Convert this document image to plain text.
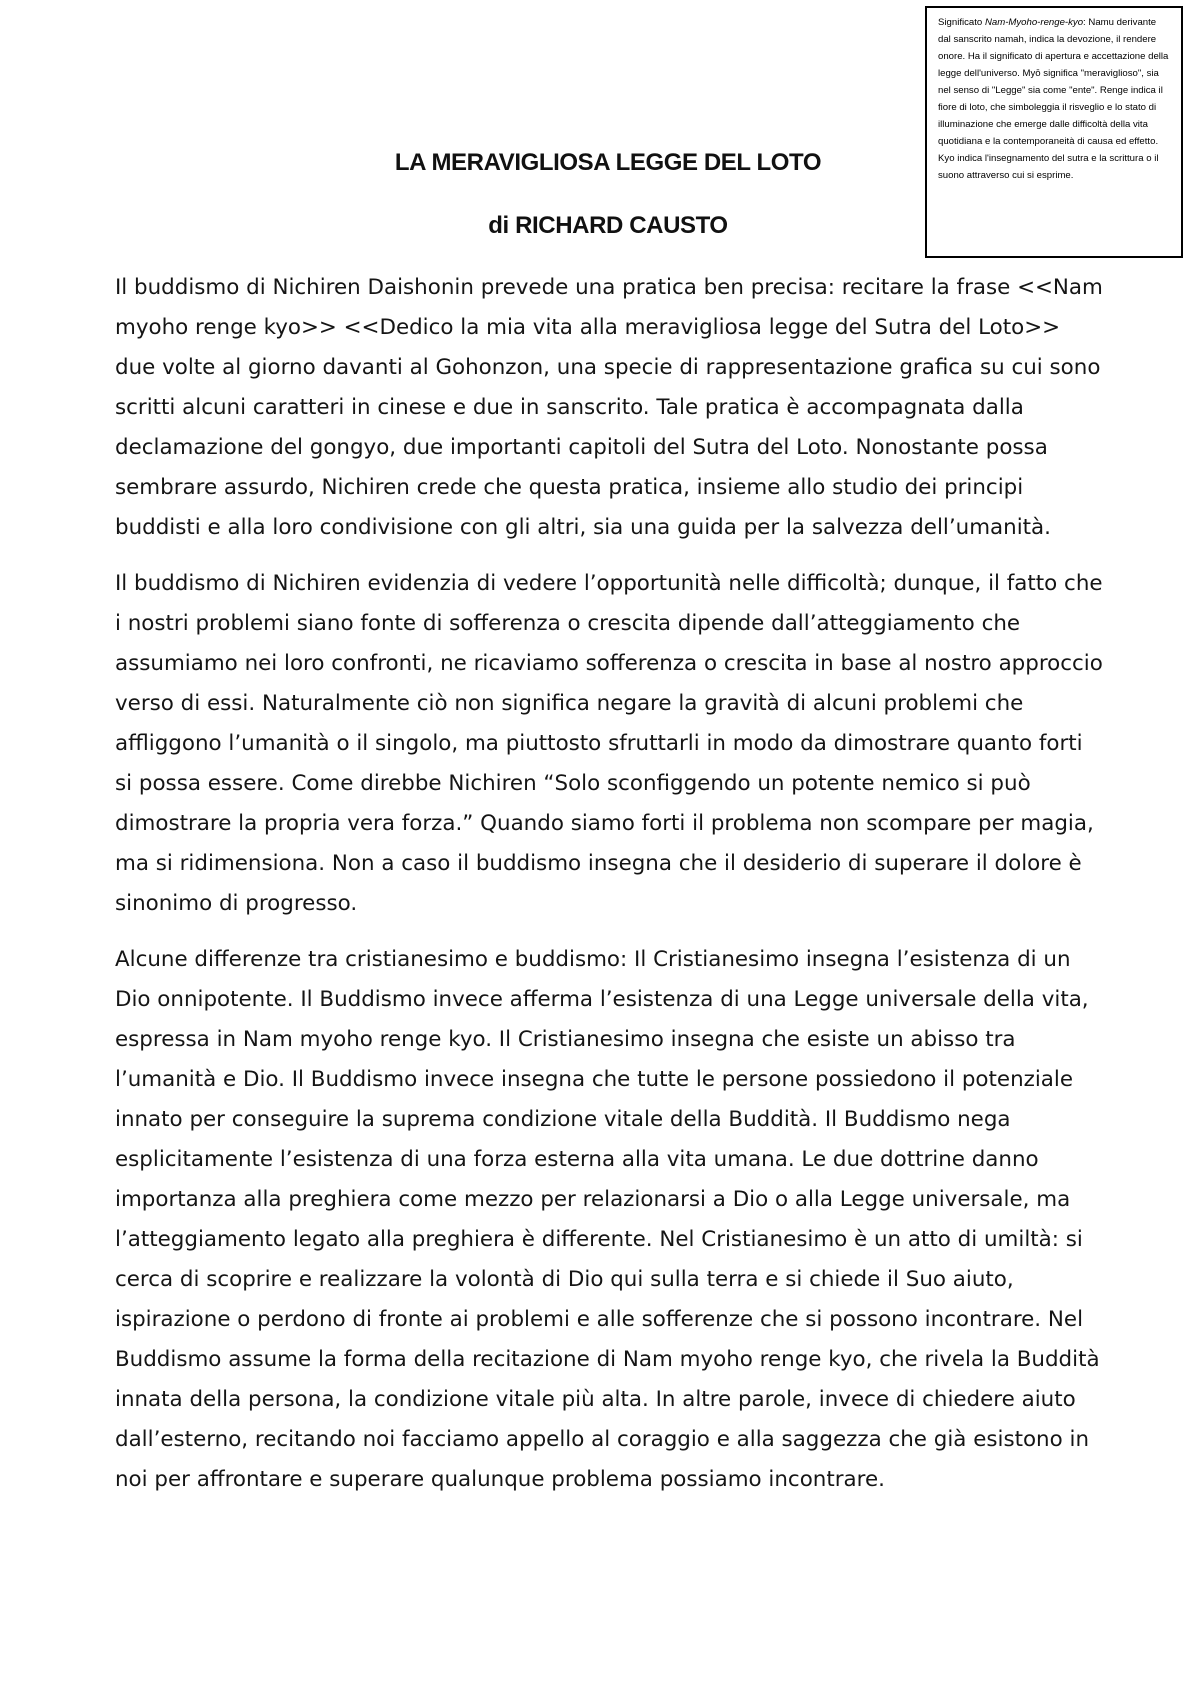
Significato Nam-Myoho-renge-kyo: Namu derivante dal sanscrito namah, indica la devozione, il rendere onore. Ha il significato di apertura e accettazione della legge dell'universo. Myō significa "meraviglioso", sia nel senso di "Legge" sia come "ente". Renge indica il fiore di loto, che simboleggia il risveglio e lo stato di illuminazione che emerge dalle difficoltà della vita quotidiana e la contemporaneità di causa ed effetto. Kyo indica l'insegnamento del sutra e la scrittura o il suono attraverso cui si esprime.
LA MERAVIGLIOSA LEGGE DEL LOTO
di RICHARD CAUSTO

Il buddismo di Nichiren Daishonin prevede una pratica ben precisa: recitare la frase <<Nam myoho renge kyo>> <<Dedico la mia vita alla meravigliosa legge del Sutra del Loto>> due volte al giorno davanti al Gohonzon, una specie di rappresentazione grafica su cui sono scritti alcuni caratteri in cinese e due in sanscrito. Tale pratica è accompagnata dalla declamazione del gongyo, due importanti capitoli del Sutra del Loto. Nonostante possa sembrare assurdo, Nichiren crede che questa pratica, insieme allo studio dei principi buddisti e alla loro condivisione con gli altri, sia una guida per la salvezza dell’umanità.

Il buddismo di Nichiren evidenzia di vedere l’opportunità nelle difficoltà; dunque, il fatto che i nostri problemi siano fonte di sofferenza o crescita dipende dall’atteggiamento che assumiamo nei loro confronti, ne ricaviamo sofferenza o crescita in base al nostro approccio verso di essi. Naturalmente ciò non significa negare la gravità di alcuni problemi che affliggono l’umanità o il singolo, ma piuttosto sfruttarli in modo da dimostrare quanto forti si possa essere. Come direbbe Nichiren “Solo sconfiggendo un potente nemico si può dimostrare la propria vera forza.” Quando siamo forti il problema non scompare per magia, ma si ridimensiona. Non a caso il buddismo insegna che il desiderio di superare il dolore è sinonimo di progresso.

Alcune differenze tra cristianesimo e buddismo: Il Cristianesimo insegna l’esistenza di un Dio onnipotente. Il Buddismo invece afferma l’esistenza di una Legge universale della vita, espressa in Nam myoho renge kyo. Il Cristianesimo insegna che esiste un abisso tra l’umanità e Dio. Il Buddismo invece insegna che tutte le persone possiedono il potenziale innato per conseguire la suprema condizione vitale della Buddità. Il Buddismo nega esplicitamente l’esistenza di una forza esterna alla vita umana. Le due dottrine danno importanza alla preghiera come mezzo per relazionarsi a Dio o alla Legge universale, ma l’atteggiamento legato alla preghiera è differente. Nel Cristianesimo è un atto di umiltà: si cerca di scoprire e realizzare la volontà di Dio qui sulla terra e si chiede il Suo aiuto, ispirazione o perdono di fronte ai problemi e alle sofferenze che si possono incontrare. Nel Buddismo assume la forma della recitazione di Nam myoho renge kyo, che rivela la Buddità innata della persona, la condizione vitale più alta. In altre parole, invece di chiedere aiuto dall’esterno, recitando noi facciamo appello al coraggio e alla saggezza che già esistono in noi per affrontare e superare qualunque problema possiamo incontrare.
